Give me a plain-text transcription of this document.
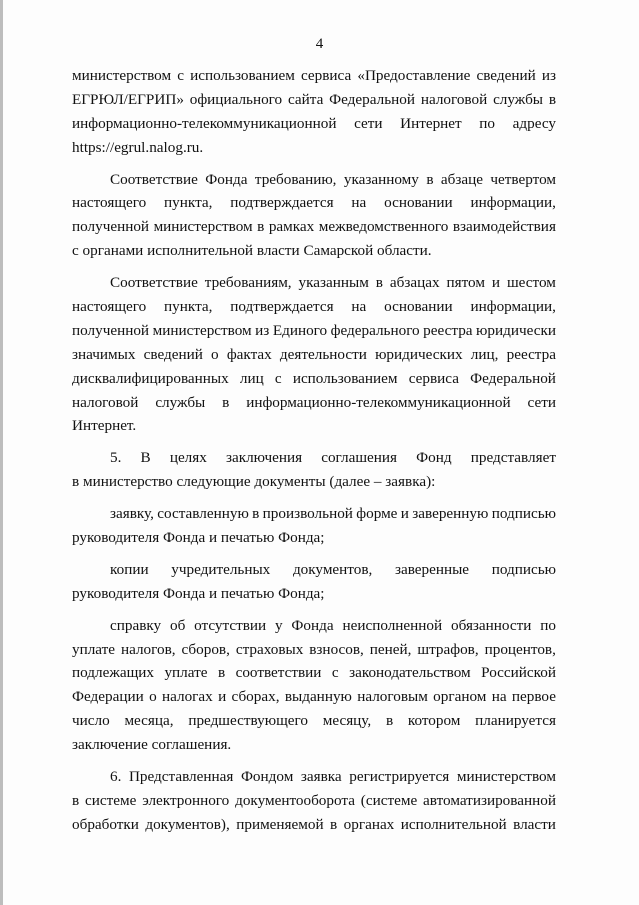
4
министерством с использованием сервиса «Предоставление сведений из
ЕГРЮЛ/ЕГРИП» официального сайта Федеральной налоговой службы в
информационно-телекоммуникационной сети Интернет по адресу
https://egrul.nalog.ru.
Соответствие Фонда требованию, указанному в абзаце четвертом
настоящего пункта, подтверждается на основании информации,
полученной министерством в рамках межведомственного взаимодействия
с органами исполнительной власти Самарской области.
Соответствие требованиям, указанным в абзацах пятом и шестом
настоящего пункта, подтверждается на основании информации,
полученной министерством из Единого федерального реестра юридически
значимых сведений о фактах деятельности юридических лиц, реестра
дисквалифицированных лиц с использованием сервиса Федеральной
налоговой службы в информационно-телекоммуникационной сети
Интернет.
5. В целях заключения соглашения Фонд представляет
в министерство следующие документы (далее – заявка):
заявку, составленную в произвольной форме и заверенную подписью
руководителя Фонда и печатью Фонда;
копии учредительных документов, заверенные подписью
руководителя Фонда и печатью Фонда;
справку об отсутствии у Фонда неисполненной обязанности по
уплате налогов, сборов, страховых взносов, пеней, штрафов, процентов,
подлежащих уплате в соответствии с законодательством Российской
Федерации о налогах и сборах, выданную налоговым органом на первое
число месяца, предшествующего месяцу, в котором планируется
заключение соглашения.
6. Представленная Фондом заявка регистрируется министерством
в системе электронного документооборота (системе автоматизированной
обработки документов), применяемой в органах исполнительной власти
